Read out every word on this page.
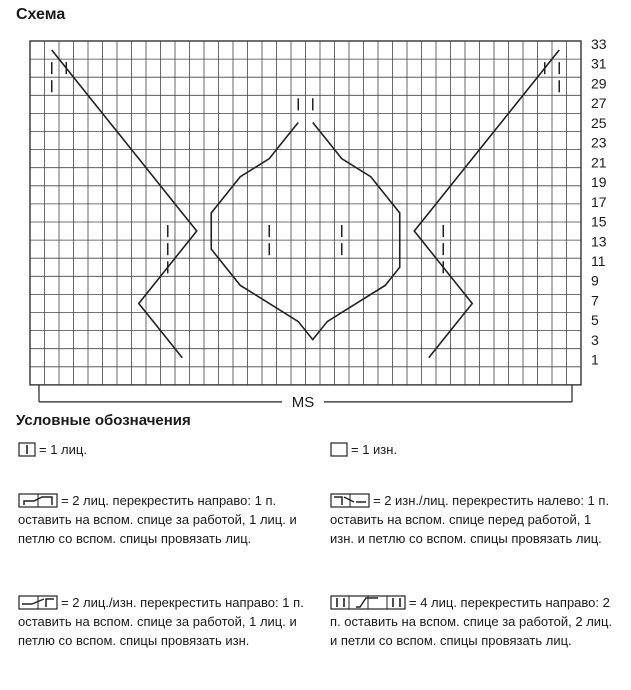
Схема
33
31
29
27
25
23
21
19
17
15
13
11
9
7
5
3
1
MS
Условные обозначения
= 1 лиц.	= 1 изн.
= 2 лиц. перекрестить направо: 1 п. оставить на вспом. спице за работой, 1 лиц. и петлю со вспом. спицы провязать лиц.
= 2 изн./лиц. перекрестить налево: 1 п. оставить на вспом. спице перед работой, 1 изн. и петлю со вспом. спицы провязать лиц.
= 2 лиц./изн. перекрестить направо: 1 п. оставить на вспом. спице за работой, 1 лиц. и петлю со вспом. спицы провязать изн.
= 4 лиц. перекрестить направо: 2 п. оставить на вспом. спице за работой, 2 лиц. и петли со вспом. спицы провязать лиц.
